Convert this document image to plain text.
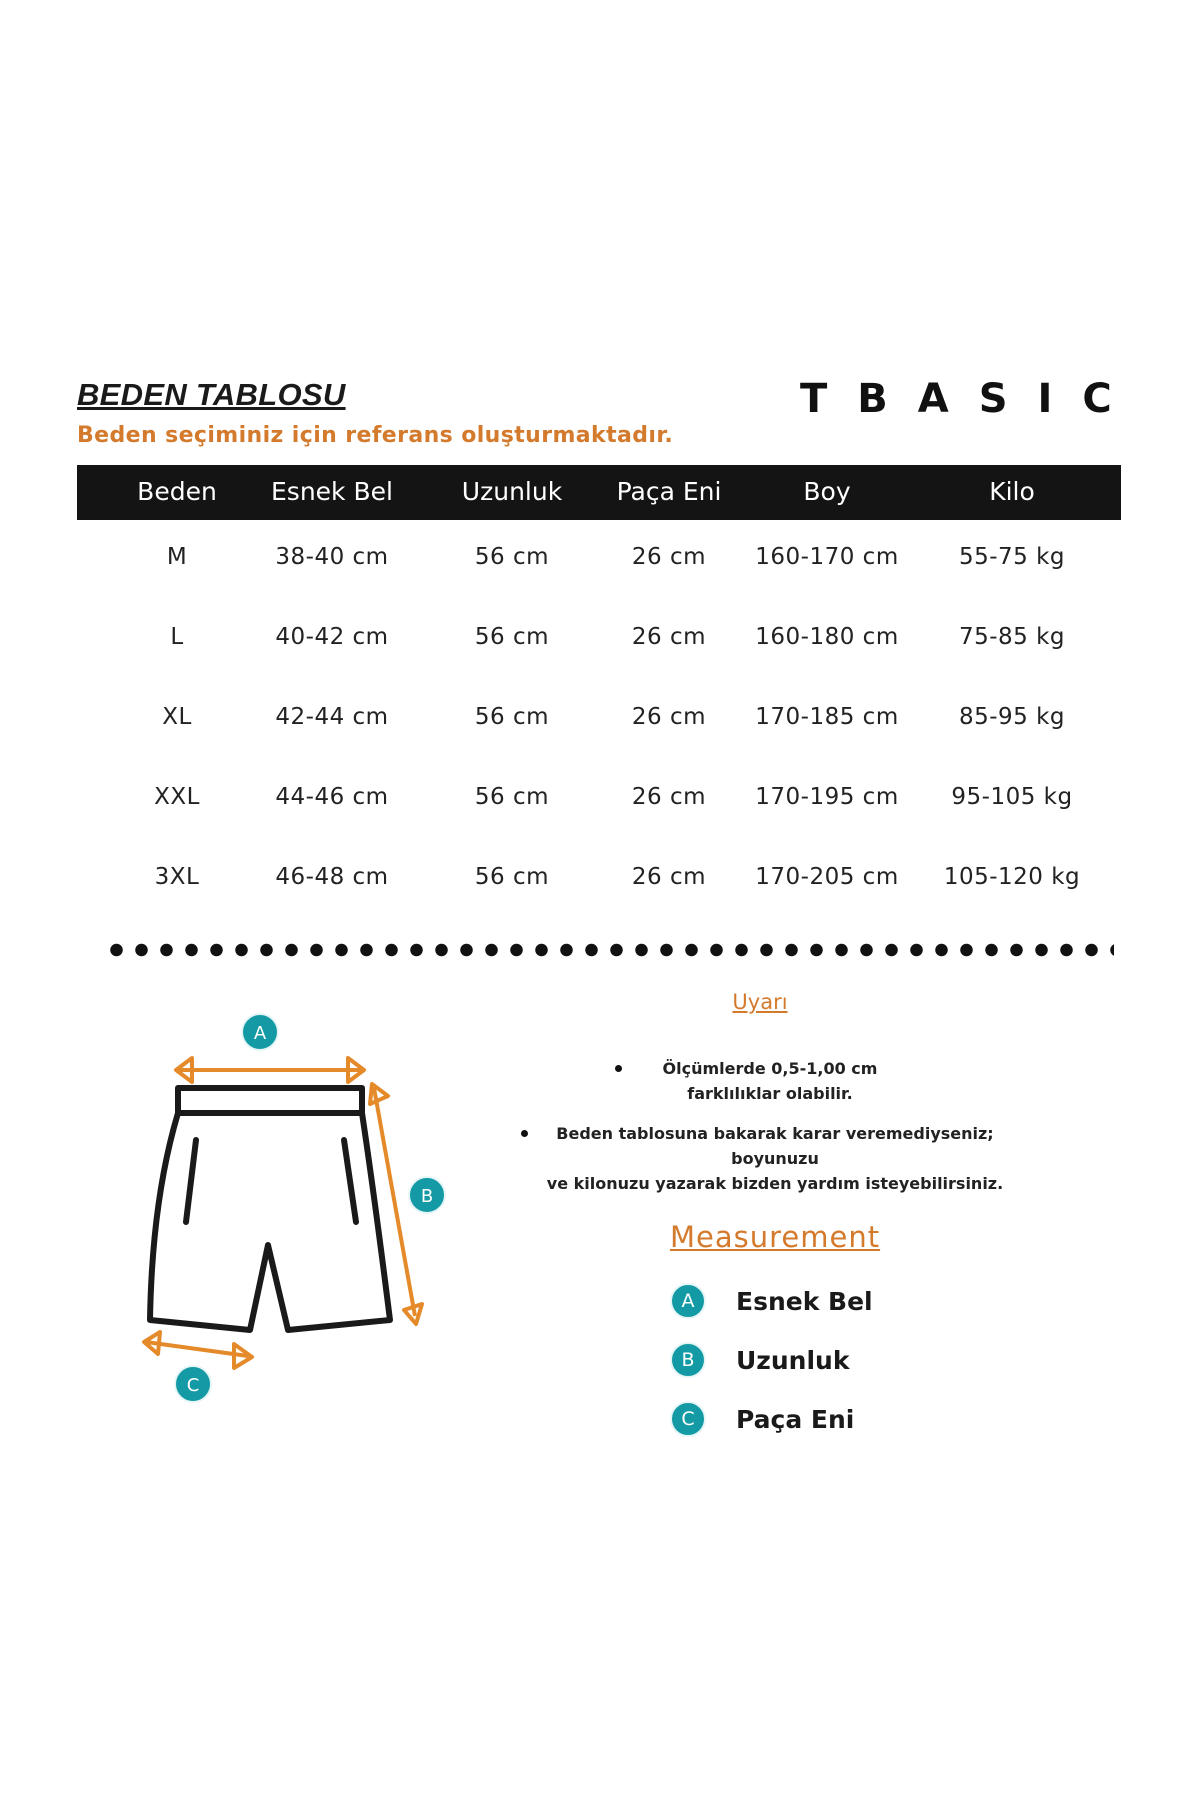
BEDEN TABLOSU

Beden seçiminiz için referans oluşturmaktadır.

TBASIC
Beden	Esnek Bel	Uzunluk	Paça Eni	Boy	Kilo
M	38-40 cm	56 cm	26 cm	160-170 cm	55-75 kg
L	40-42 cm	56 cm	26 cm	160-180 cm	75-85 kg
XL	42-44 cm	56 cm	26 cm	170-185 cm	85-95 kg
XXL	44-46 cm	56 cm	26 cm	170-195 cm	95-105 kg
3XL	46-48 cm	56 cm	26 cm	170-205 cm	105-120 kg
A
B
C
Uyarı
Ölçümlerde 0,5-1,00 cm
farklılıklar olabilir.
Beden tablosuna bakarak karar veremediyseniz; boyunuzu
ve kilonuzu yazarak bizden yardım isteyebilirsiniz.
Measurement
A	Esnek Bel
B	Uzunluk
C	Paça Eni
